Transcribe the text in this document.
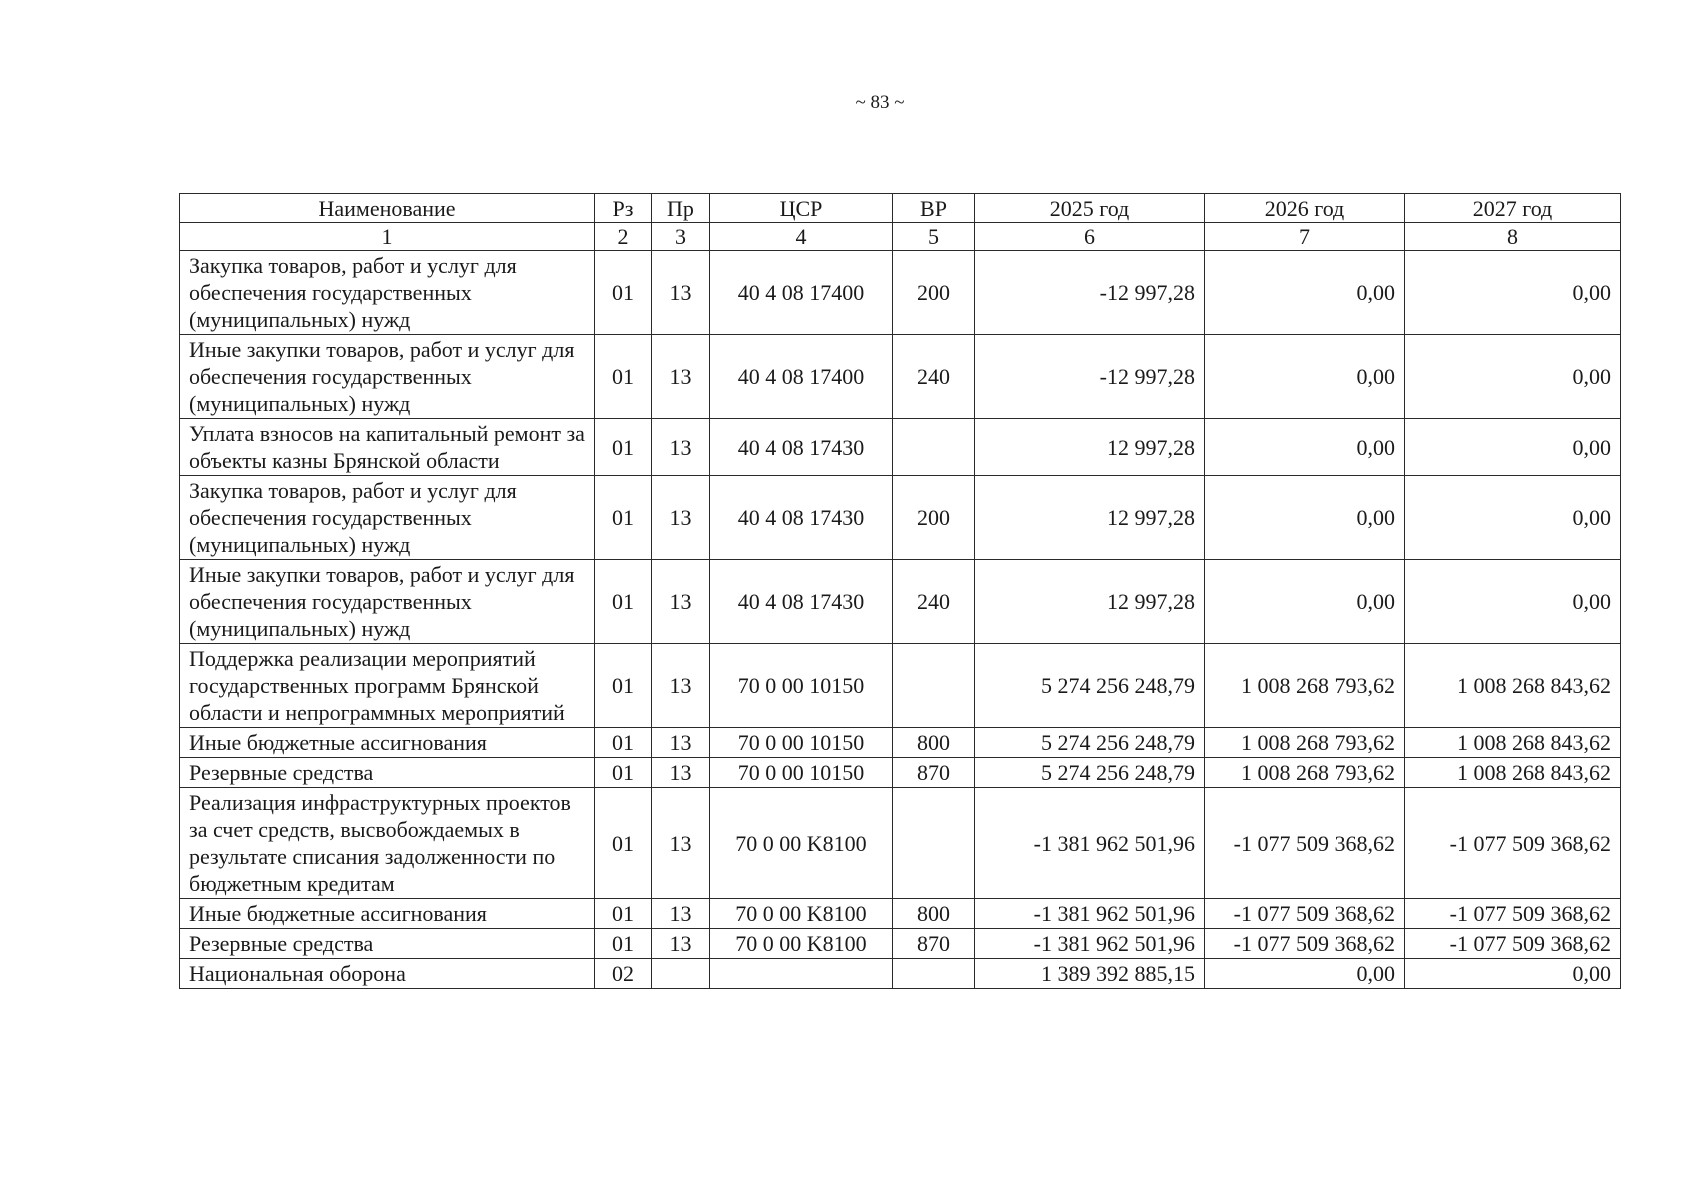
~ 83 ~
Наименование	Рз	Пр	ЦСР	ВР	2025 год	2026 год	2027 год
1	2	3	4	5	6	7	8
Закупка товаров, работ и услуг для обеспечения государственных (муниципальных) нужд	01	13	40 4 08 17400	200	-12 997,28	0,00	0,00
Иные закупки товаров, работ и услуг для обеспечения государственных (муниципальных) нужд	01	13	40 4 08 17400	240	-12 997,28	0,00	0,00
Уплата взносов на капитальный ремонт за объекты казны Брянской области	01	13	40 4 08 17430		12 997,28	0,00	0,00
Закупка товаров, работ и услуг для обеспечения государственных (муниципальных) нужд	01	13	40 4 08 17430	200	12 997,28	0,00	0,00
Иные закупки товаров, работ и услуг для обеспечения государственных (муниципальных) нужд	01	13	40 4 08 17430	240	12 997,28	0,00	0,00
Поддержка реализации мероприятий государственных программ Брянской области и непрограммных мероприятий	01	13	70 0 00 10150		5 274 256 248,79	1 008 268 793,62	1 008 268 843,62
Иные бюджетные ассигнования	01	13	70 0 00 10150	800	5 274 256 248,79	1 008 268 793,62	1 008 268 843,62
Резервные средства	01	13	70 0 00 10150	870	5 274 256 248,79	1 008 268 793,62	1 008 268 843,62
Реализация инфраструктурных проектов за счет средств, высвобождаемых в результате списания задолженности по бюджетным кредитам	01	13	70 0 00 K8100		-1 381 962 501,96	-1 077 509 368,62	-1 077 509 368,62
Иные бюджетные ассигнования	01	13	70 0 00 K8100	800	-1 381 962 501,96	-1 077 509 368,62	-1 077 509 368,62
Резервные средства	01	13	70 0 00 K8100	870	-1 381 962 501,96	-1 077 509 368,62	-1 077 509 368,62
Национальная оборона	02				1 389 392 885,15	0,00	0,00
